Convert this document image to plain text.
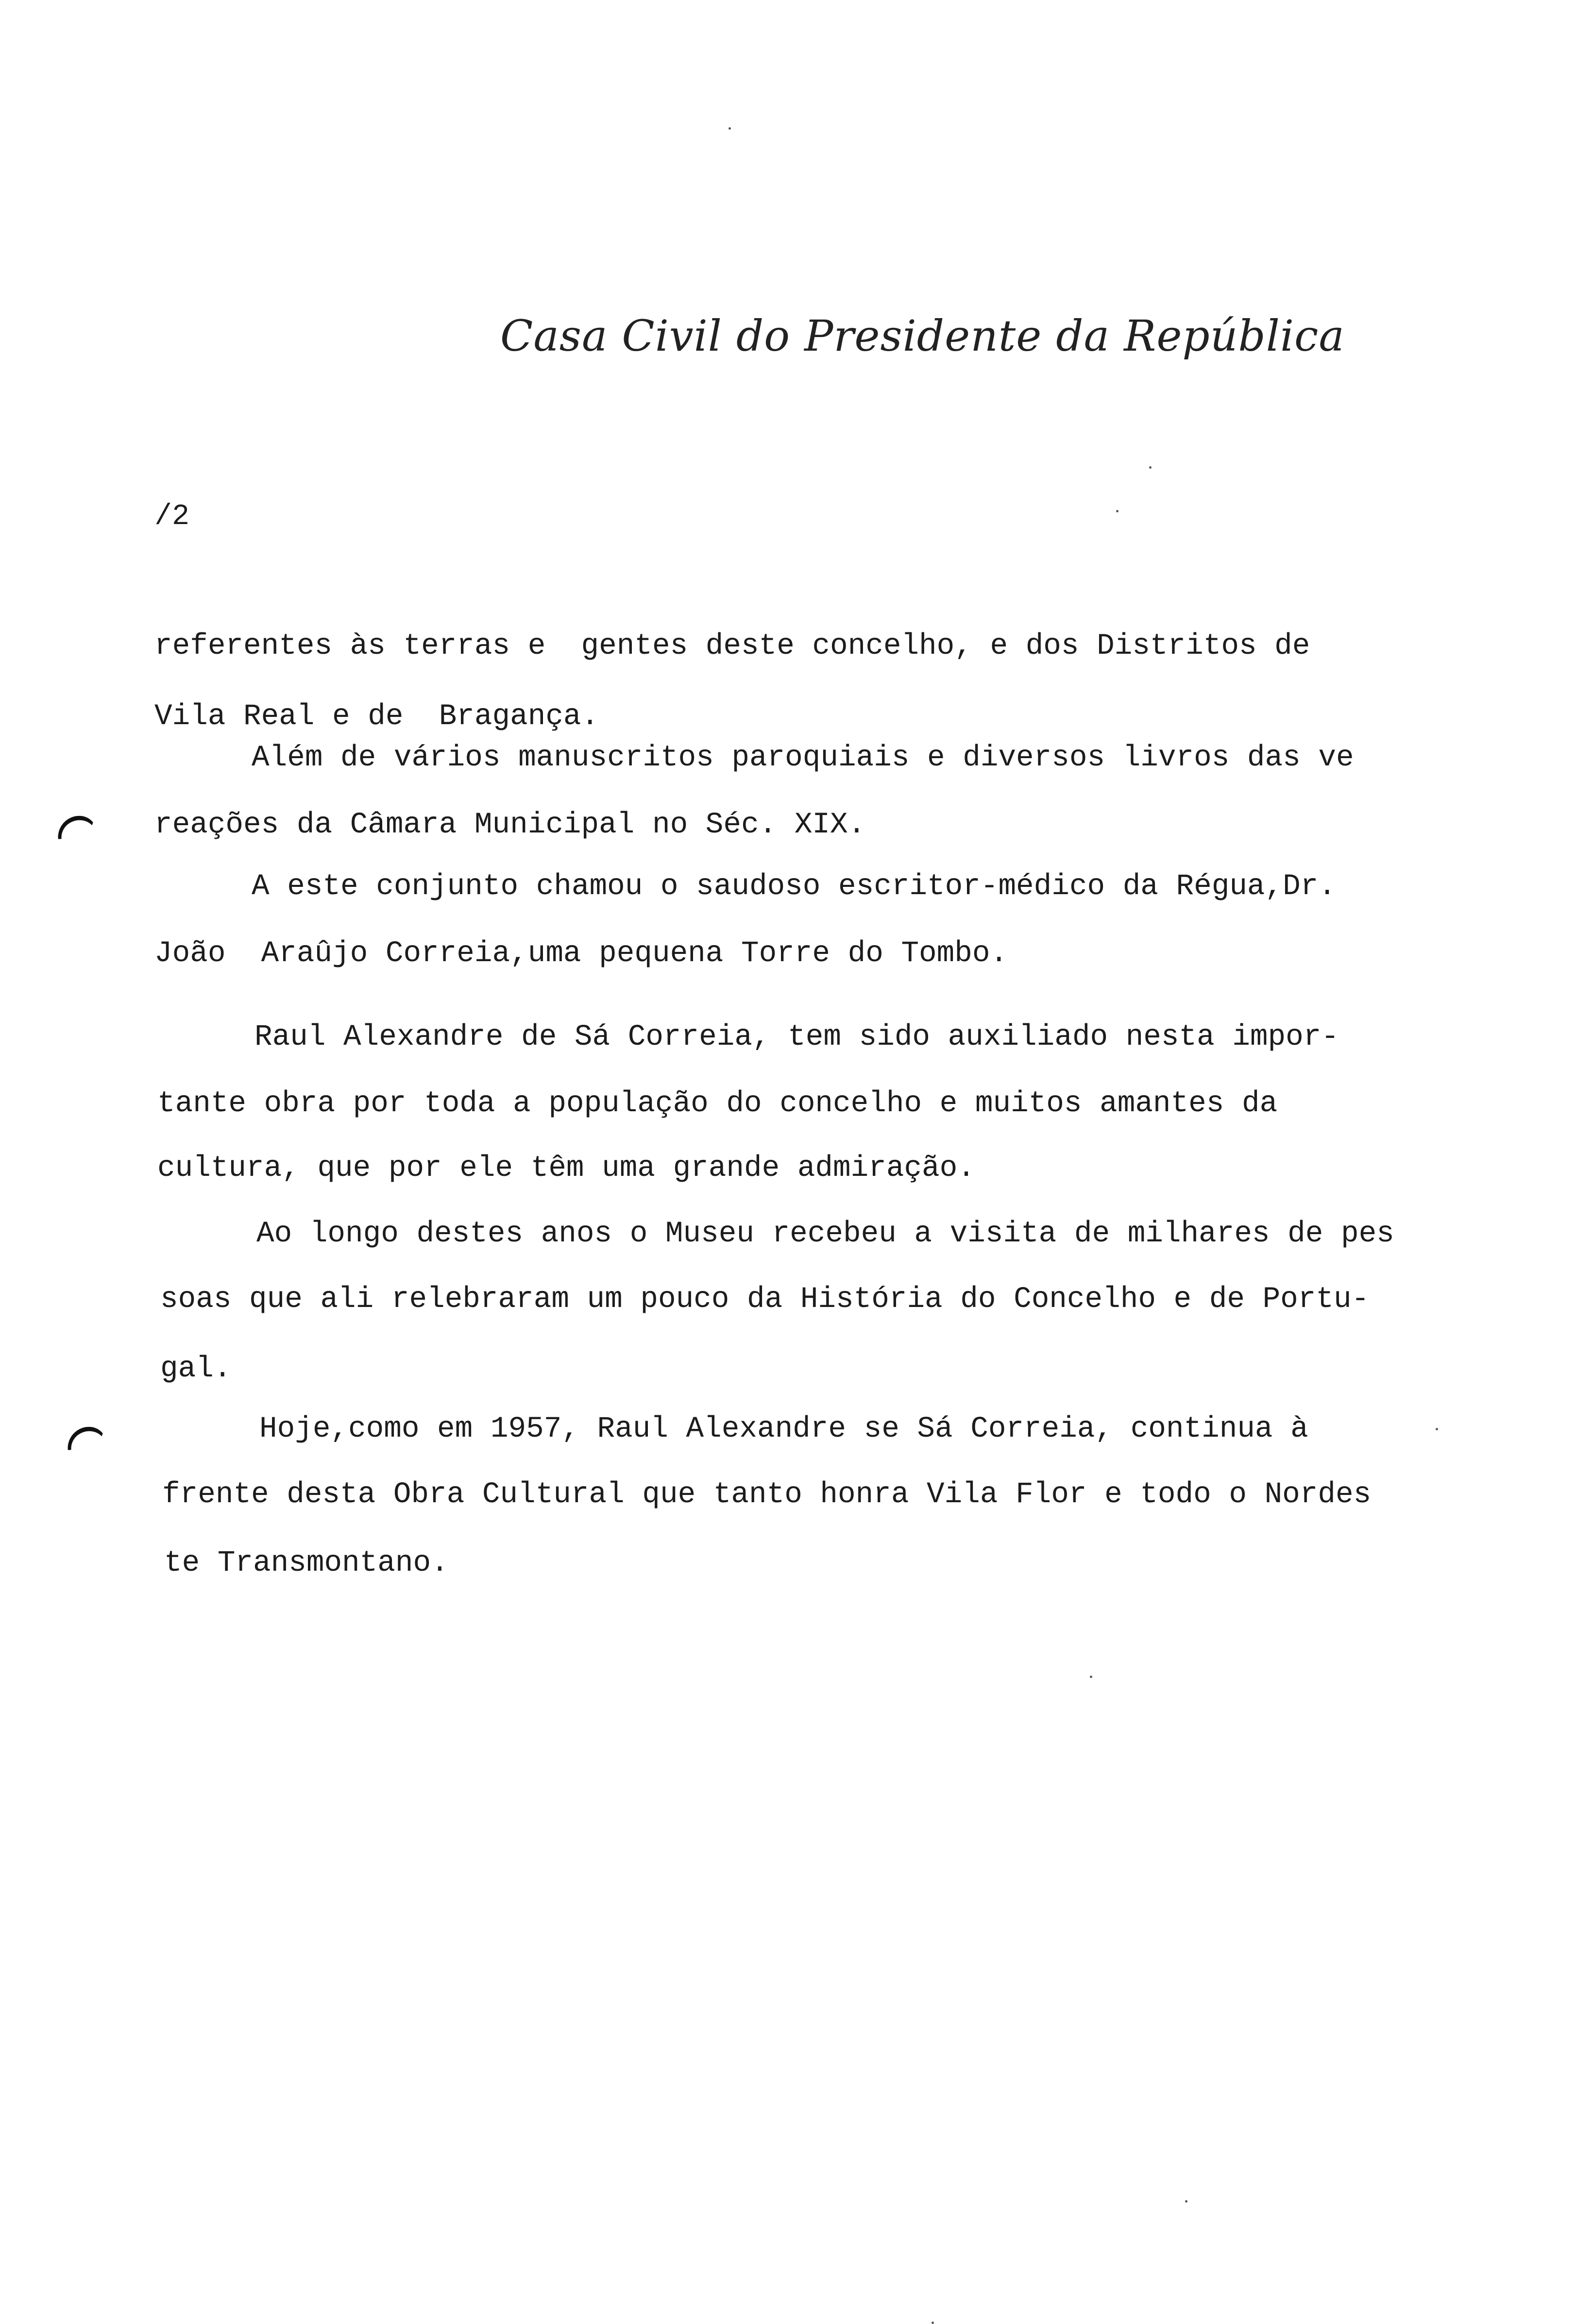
Casa Civil do Presidente da República
/2
referentes às terras e  gentes deste concelho, e dos Distritos de
Vila Real e de  Bragança.
Além de vários manuscritos paroquiais e diversos livros das ve
reações da Câmara Municipal no Séc. XIX.
A este conjunto chamou o saudoso escritor-médico da Régua,Dr.
João  Araûjo Correia,uma pequena Torre do Tombo.
Raul Alexandre de Sá Correia, tem sido auxiliado nesta impor-
tante obra por toda a população do concelho e muitos amantes da
cultura, que por ele têm uma grande admiração.
Ao longo destes anos o Museu recebeu a visita de milhares de pes
soas que ali relebraram um pouco da História do Concelho e de Portu-
gal.
Hoje,como em 1957, Raul Alexandre se Sá Correia, continua à
frente desta Obra Cultural que tanto honra Vila Flor e todo o Nordes
te Transmontano.
